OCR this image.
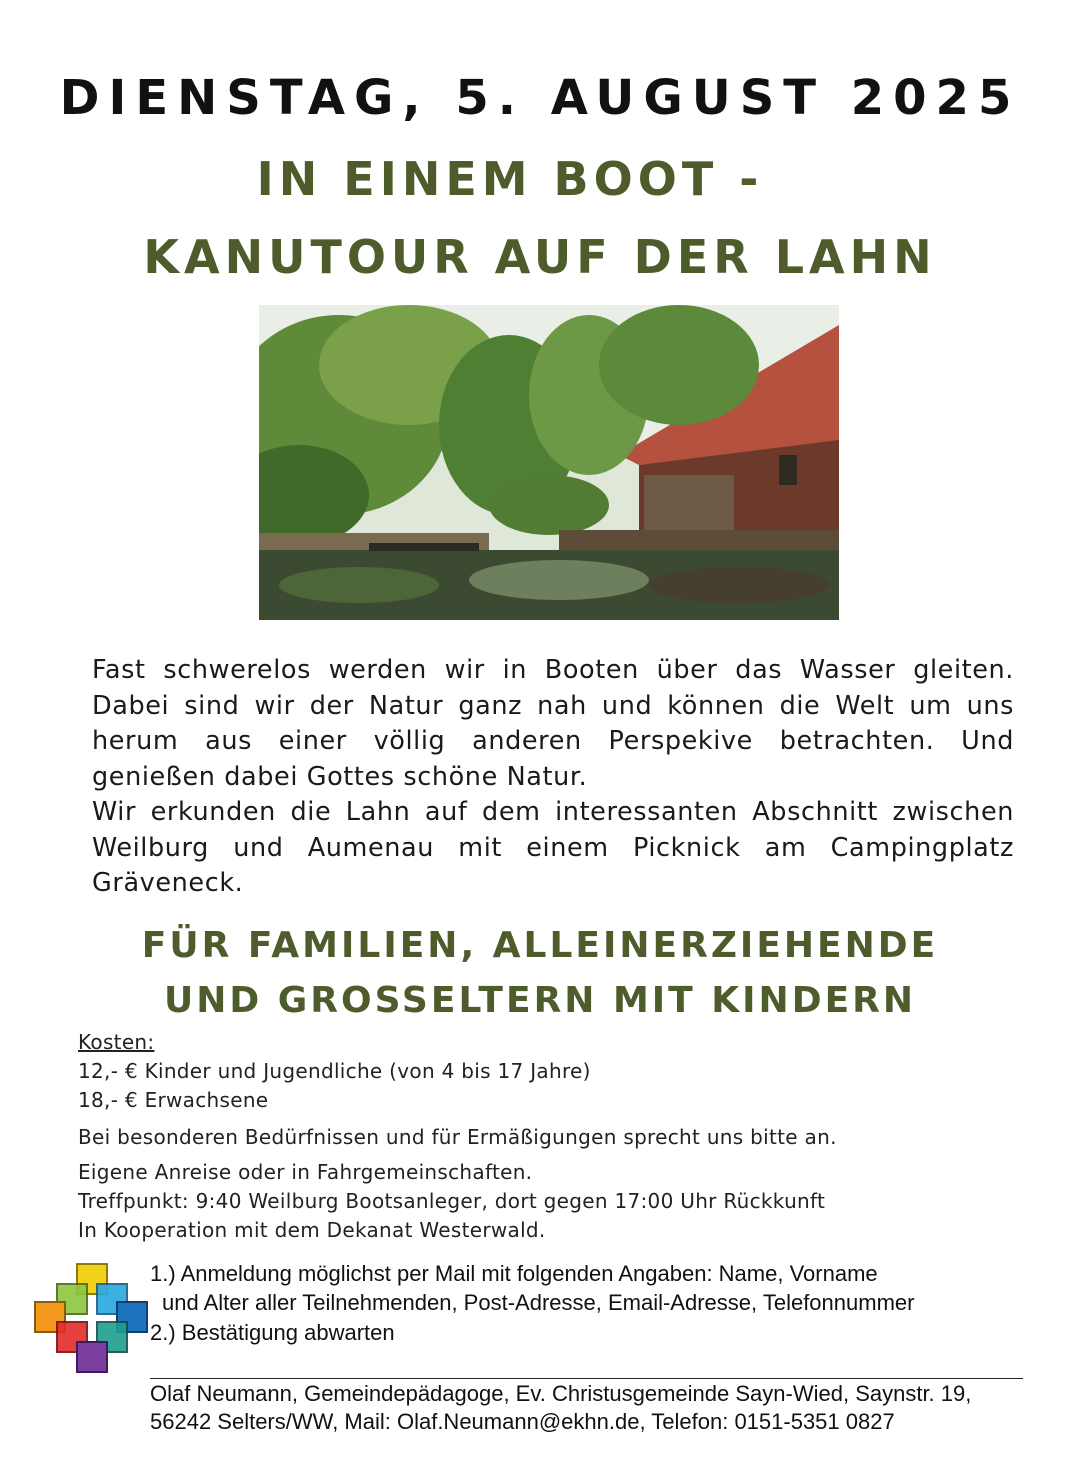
DIENSTAG, 5. AUGUST 2025
IN EINEM BOOT -
KANUTOUR AUF DER LAHN

Fast schwerelos werden wir in Booten über das Wasser gleiten. Dabei sind wir der Natur ganz nah und können die Welt um uns herum aus einer völlig anderen Perspekive betrachten. Und genießen dabei Gottes schöne Natur.

Wir erkunden die Lahn auf dem interessanten Abschnitt zwischen Weilburg und Aumenau mit einem Picknick am Campingplatz Gräveneck.

FÜR FAMILIEN, ALLEINERZIEHENDE
UND GROSSELTERN MIT KINDERN
Kosten:
12,- € Kinder und Jugendliche (von 4 bis 17 Jahre)
18,- € Erwachsene
Bei besonderen Bedürfnissen und für Ermäßigungen sprecht uns bitte an.
Eigene Anreise oder in Fahrgemeinschaften.
Treffpunkt: 9:40 Weilburg Bootsanleger, dort gegen 17:00 Uhr Rückkunft
In Kooperation mit dem Dekanat Westerwald.
1.) Anmeldung möglichst per Mail mit folgenden Angaben: Name, Vorname
und Alter aller Teilnehmenden, Post-Adresse, Email-Adresse, Telefonnummer
2.) Bestätigung abwarten
Olaf Neumann, Gemeindepädagoge, Ev. Christusgemeinde Sayn-Wied, Saynstr. 19,
56242 Selters/WW, Mail: Olaf.Neumann@ekhn.de, Telefon: 0151-5351 0827
